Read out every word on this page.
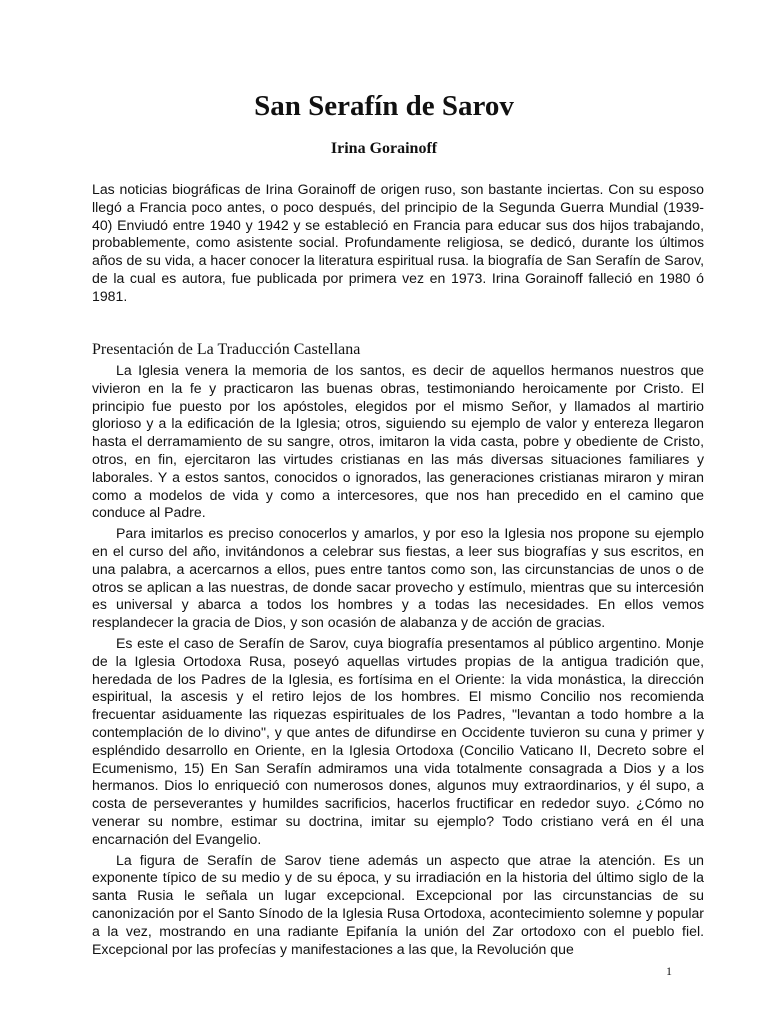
San Serafín de Sarov
Irina Gorainoff

Las noticias biográficas de Irina Gorainoff de origen ruso, son bastante inciertas. Con su esposo llegó a Francia poco antes, o poco después, del principio de la Segunda Guerra Mundial (1939-40) Enviudó entre 1940 y 1942 y se estableció en Francia para educar sus dos hijos trabajando, probablemente, como asistente social. Profundamente religiosa, se dedicó, durante los últimos años de su vida, a hacer conocer la literatura espiritual rusa. la biografía de San Serafín de Sarov, de la cual es autora, fue publicada por primera vez en 1973. Irina Gorainoff falleció en 1980 ó 1981.

Presentación de La Traducción Castellana

La Iglesia venera la memoria de los santos, es decir de aquellos hermanos nuestros que vivieron en la fe y practicaron las buenas obras, testimoniando heroicamente por Cristo. El principio fue puesto por los apóstoles, elegidos por el mismo Señor, y llamados al martirio glorioso y a la edificación de la Iglesia; otros, siguiendo su ejemplo de valor y entereza llegaron hasta el derramamiento de su sangre, otros, imitaron la vida casta, pobre y obediente de Cristo, otros, en fin, ejercitaron las virtudes cristianas en las más diversas situaciones familiares y laborales. Y a estos santos, conocidos o ignorados, las generaciones cristianas miraron y miran como a modelos de vida y como a intercesores, que nos han precedido en el camino que conduce al Padre.

Para imitarlos es preciso conocerlos y amarlos, y por eso la Iglesia nos propone su ejemplo en el curso del año, invitándonos a celebrar sus fiestas, a leer sus biografías y sus escritos, en una palabra, a acercarnos a ellos, pues entre tantos como son, las circunstancias de unos o de otros se aplican a las nuestras, de donde sacar provecho y estímulo, mientras que su intercesión es universal y abarca a todos los hombres y a todas las necesidades. En ellos vemos resplandecer la gracia de Dios, y son ocasión de alabanza y de acción de gracias.

Es este el caso de Serafín de Sarov, cuya biografía presentamos al público argentino. Monje de la Iglesia Ortodoxa Rusa, poseyó aquellas virtudes propias de la antigua tradición que, heredada de los Padres de la Iglesia, es fortísima en el Oriente: la vida monástica, la dirección espiritual, la ascesis y el retiro lejos de los hombres. El mismo Concilio nos recomienda frecuentar asiduamente las riquezas espirituales de los Padres, "levantan a todo hombre a la contemplación de lo divino", y que antes de difundirse en Occidente tuvieron su cuna y primer y espléndido desarrollo en Oriente, en la Iglesia Ortodoxa (Concilio Vaticano II, Decreto sobre el Ecumenismo, 15) En San Serafín admiramos una vida totalmente consagrada a Dios y a los hermanos. Dios lo enriqueció con numerosos dones, algunos muy extraordinarios, y él supo, a costa de perseverantes y humildes sacrificios, hacerlos fructificar en rededor suyo. ¿Cómo no venerar su nombre, estimar su doctrina, imitar su ejemplo? Todo cristiano verá en él una encarnación del Evangelio.

La figura de Serafín de Sarov tiene además un aspecto que atrae la atención. Es un exponente típico de su medio y de su época, y su irradiación en la historia del último siglo de la santa Rusia le señala un lugar excepcional. Excepcional por las circunstancias de su canonización por el Santo Sínodo de la Iglesia Rusa Ortodoxa, acontecimiento solemne y popular a la vez, mostrando en una radiante Epifanía la unión del Zar ortodoxo con el pueblo fiel. Excepcional por las profecías y manifestaciones a las que, la Revolución que

1
